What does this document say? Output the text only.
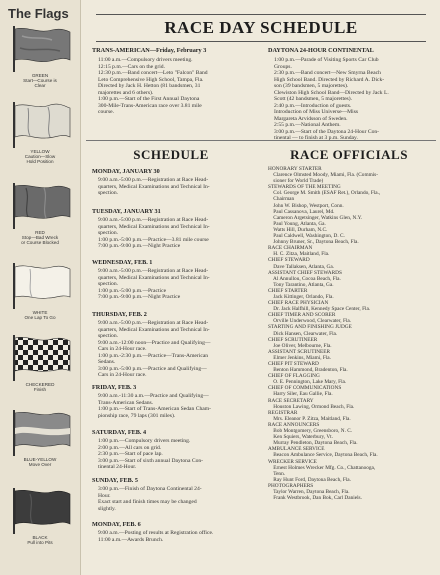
The Flags
GREEN
Start—Course is
Clear
YELLOW
Caution—Slow
Hold Position
RED
Stop—Bad Wreck
or Course Blocked
WHITE
One Lap To Go
CHECKERED
Finish
BLUE-YELLOW
Move Over
BLACK
Pull into Pits
RACE DAY SCHEDULE
TRANS-AMERICAN—Friday, February 3
11:00 a.m.—Compulsory drivers meeting.
12:15 p.m.—Cars on the grid.
12:30 p.m.—Band concert—Leto "Falcon" Band
Leto Comprehensive High School, Tampa, Fla.
Directed by Jack H. Hetton (81 bandsmen, 31
majorettes and 6 others).
1:00 p.m.—Start of the First Annual Daytona
300-Mile-Trans-American race over 3.81 mile
course.
DAYTONA 24-HOUR CONTINENTAL
1:00 p.m.—Parade of Visiting Sports Car Club
Groups.
2:30 p.m.—Band concert—New Smyrna Beach
High School Band. Directed by Richard A. Dick-
son (39 bandsmen, 5 majorettes).
Clewiston High School Band—Directed by Jack L.
Scott (42 bandsmen, 5 majorettes).
2:40 p.m.—Introduction of guests.
Introduction of Miss Universe—Miss
Margareta Arvidsson of Sweden.
2:55 p.m.—National Anthem.
3:00 p.m.—Start of the Daytona 24-Hour Con-
tinental — to finish at 3 p.m. Sunday.
SCHEDULE
MONDAY, JANUARY 30
9:00 a.m.-5:00 p.m.—Registration at Race Head-
quarters, Medical Examinations and Technical In-
spection.
TUESDAY, JANUARY 31
9:00 a.m.-5:00 p.m.—Registration at Race Head-
quarters, Medical Examinations and Technical In-
spection.
1:00 p.m.-5:00 p.m.—Practice—3.81 mile course
7:00 p.m.-9:00 p.m.—Night Practice
WEDNESDAY, FEB. 1
9:00 a.m.-5:00 p.m.—Registration at Race Head-
quarters, Medical Examinations and Technical In-
spection.
1:00 p.m.-5:00 p.m.—Practice
7:00 p.m.-9:00 p.m.—Night Practice
THURSDAY, FEB. 2
9:00 a.m.-5:00 p.m.—Registration at Race Head-
quarters, Medical Examinations and Technical In-
spection.
9:00 a.m.-12:00 noon—Practice and Qualifying—
Cars in 24-Hour race.
1:00 p.m.-2:30 p.m.—Practice—Trans-American
Sedans.
3:00 p.m.-5:00 p.m.—Practice and Qualifying—
Cars in 24-Hour race.
FRIDAY, FEB. 3
9:00 a.m.-11:30 a.m.—Practice and Qualifying—
Trans-American Sedans.
1:00 p.m.—Start of Trans-American Sedan Cham-
pionship race, 79 laps (301 miles).
SATURDAY, FEB. 4
1:00 p.m.—Compulsory drivers meeting.
2:00 p.m.—All cars on grid.
2:30 p.m.—Start of pace lap.
3:00 p.m.—Start of sixth annual Daytona Con-
tinental 24-Hour.
SUNDAY, FEB. 5
3:00 p.m.—Finish of Daytona Continental 24-
Hour.
Exact start and finish times may be changed
slightly.
MONDAY, FEB. 6
9:00 a.m.—Posting of results at Registration office.
11:00 a.m.—Awards Brunch.
RACE OFFICIALS
HONORARY STARTER
Clarence Olmsted Moody, Miami, Fla. (Commis-
sioner for World Trade)
STEWARDS OF THE MEETING
Col. George M. Smith (ESAF Ret.), Orlando, Fla.,
Chairman
John W. Bishop, Westport, Conn.
Paul Cassanova, Laurel, Md.
Cameron Argetsinger, Watkins Glen, N.Y.
Paul Young, Atlanta, Ga.
Watts Hill, Durham, N.C.
Paul Caldwell, Washington, D. C.
Johnny Bruner, Sr., Daytona Beach, Fla.
RACE CHAIRMAN
H. C. Zitza, Maitland, Fla.
CHIEF STEWARD
Dave Tallaksen, Atlanta, Ga.
ASSISTANT CHIEF STEWARDS
Al Annullou, Cocoa Beach, Fla.
Tony Tarantino, Atlanta, Ga.
CHIEF STARTER
Jack Kittinger, Orlando, Fla.
CHIEF RACE PHYSICIAN
Dr. Jack Halfhill, Kennedy Space Center, Fla.
CHIEF TIMER AND SCORER
Orville Underwood, Clearwater, Fla.
STARTING AND FINISHING JUDGE
Dick Hansen, Clearwater, Fla.
CHIEF SCRUTINEER
Joe Oliver, Melbourne, Fla.
ASSISTANT SCRUTINEER
Elmer Jenkins, Miami, Fla.
CHIEF PIT STEWARD
Benton Hammond, Bradenton, Fla.
CHIEF OF FLAGGING
O. E. Pennington, Lake Mary, Fla.
CHIEF OF COMMUNICATIONS
Harry Siler, Eau Gallie, Fla.
RACE SECRETARY
Houston Lawing, Ormond Beach, Fla.
REGISTRAR
Mrs. Eleanor P. Zitza, Maitland, Fla.
RACE ANNOUNCERS
Bob Montgomery, Greensboro, N. C.
Ken Squiers, Waterbury, Vt.
Murray Pendleton, Daytona Beach, Fla.
AMBULANCE SERVICE
Beacon Ambulance Service, Daytona Beach, Fla.
WRECKER SERVICE
Ernest Holmes Wrecker Mfg. Co., Chattanooga,
Tenn.
Ray Hunt Ford, Daytona Beach, Fla.
PHOTOGRAPHERS
Taylor Warren, Daytona Beach, Fla.
Frank Westbrook, Dan Bok, Carl Daniels.
